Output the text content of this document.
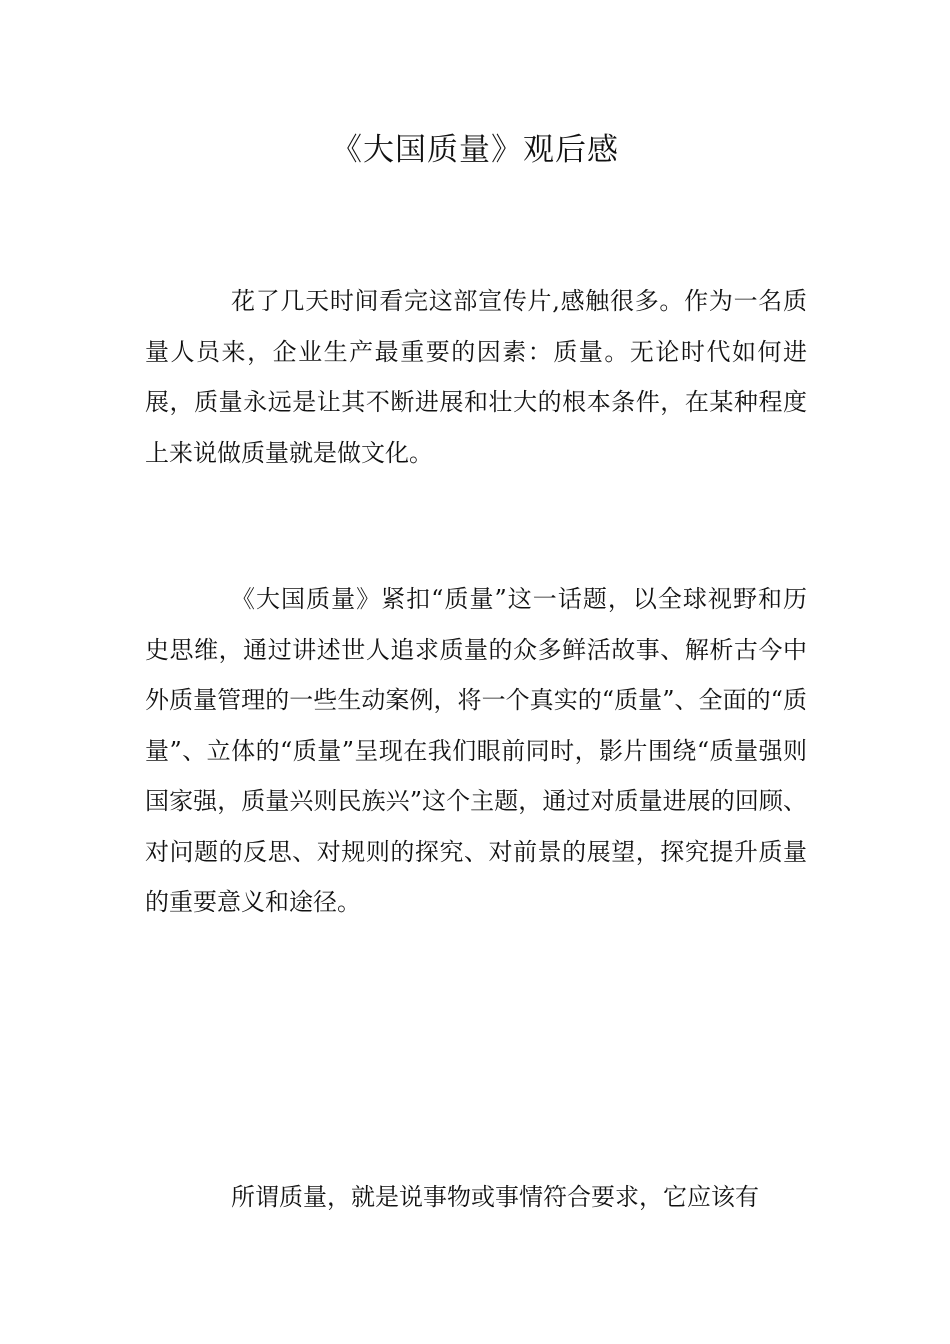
《大国质量》观后感

花了几天时间看完这部宣传片,感触很多。作为一名质量人员来，企业生产最重要的因素：质量。无论时代如何进展，质量永远是让其不断进展和壮大的根本条件，在某种程度上来说做质量就是做文化。

《大国质量》紧扣“质量”这一话题，以全球视野和历史思维，通过讲述世人追求质量的众多鲜活故事、解析古今中外质量管理的一些生动案例，将一个真实的“质量”、全面的“质量”、立体的“质量”呈现在我们眼前同时，影片围绕“质量强则国家强，质量兴则民族兴”这个主题，通过对质量进展的回顾、对问题的反思、对规则的探究、对前景的展望，探究提升质量的重要意义和途径。

所谓质量，就是说事物或事情符合要求，它应该有
